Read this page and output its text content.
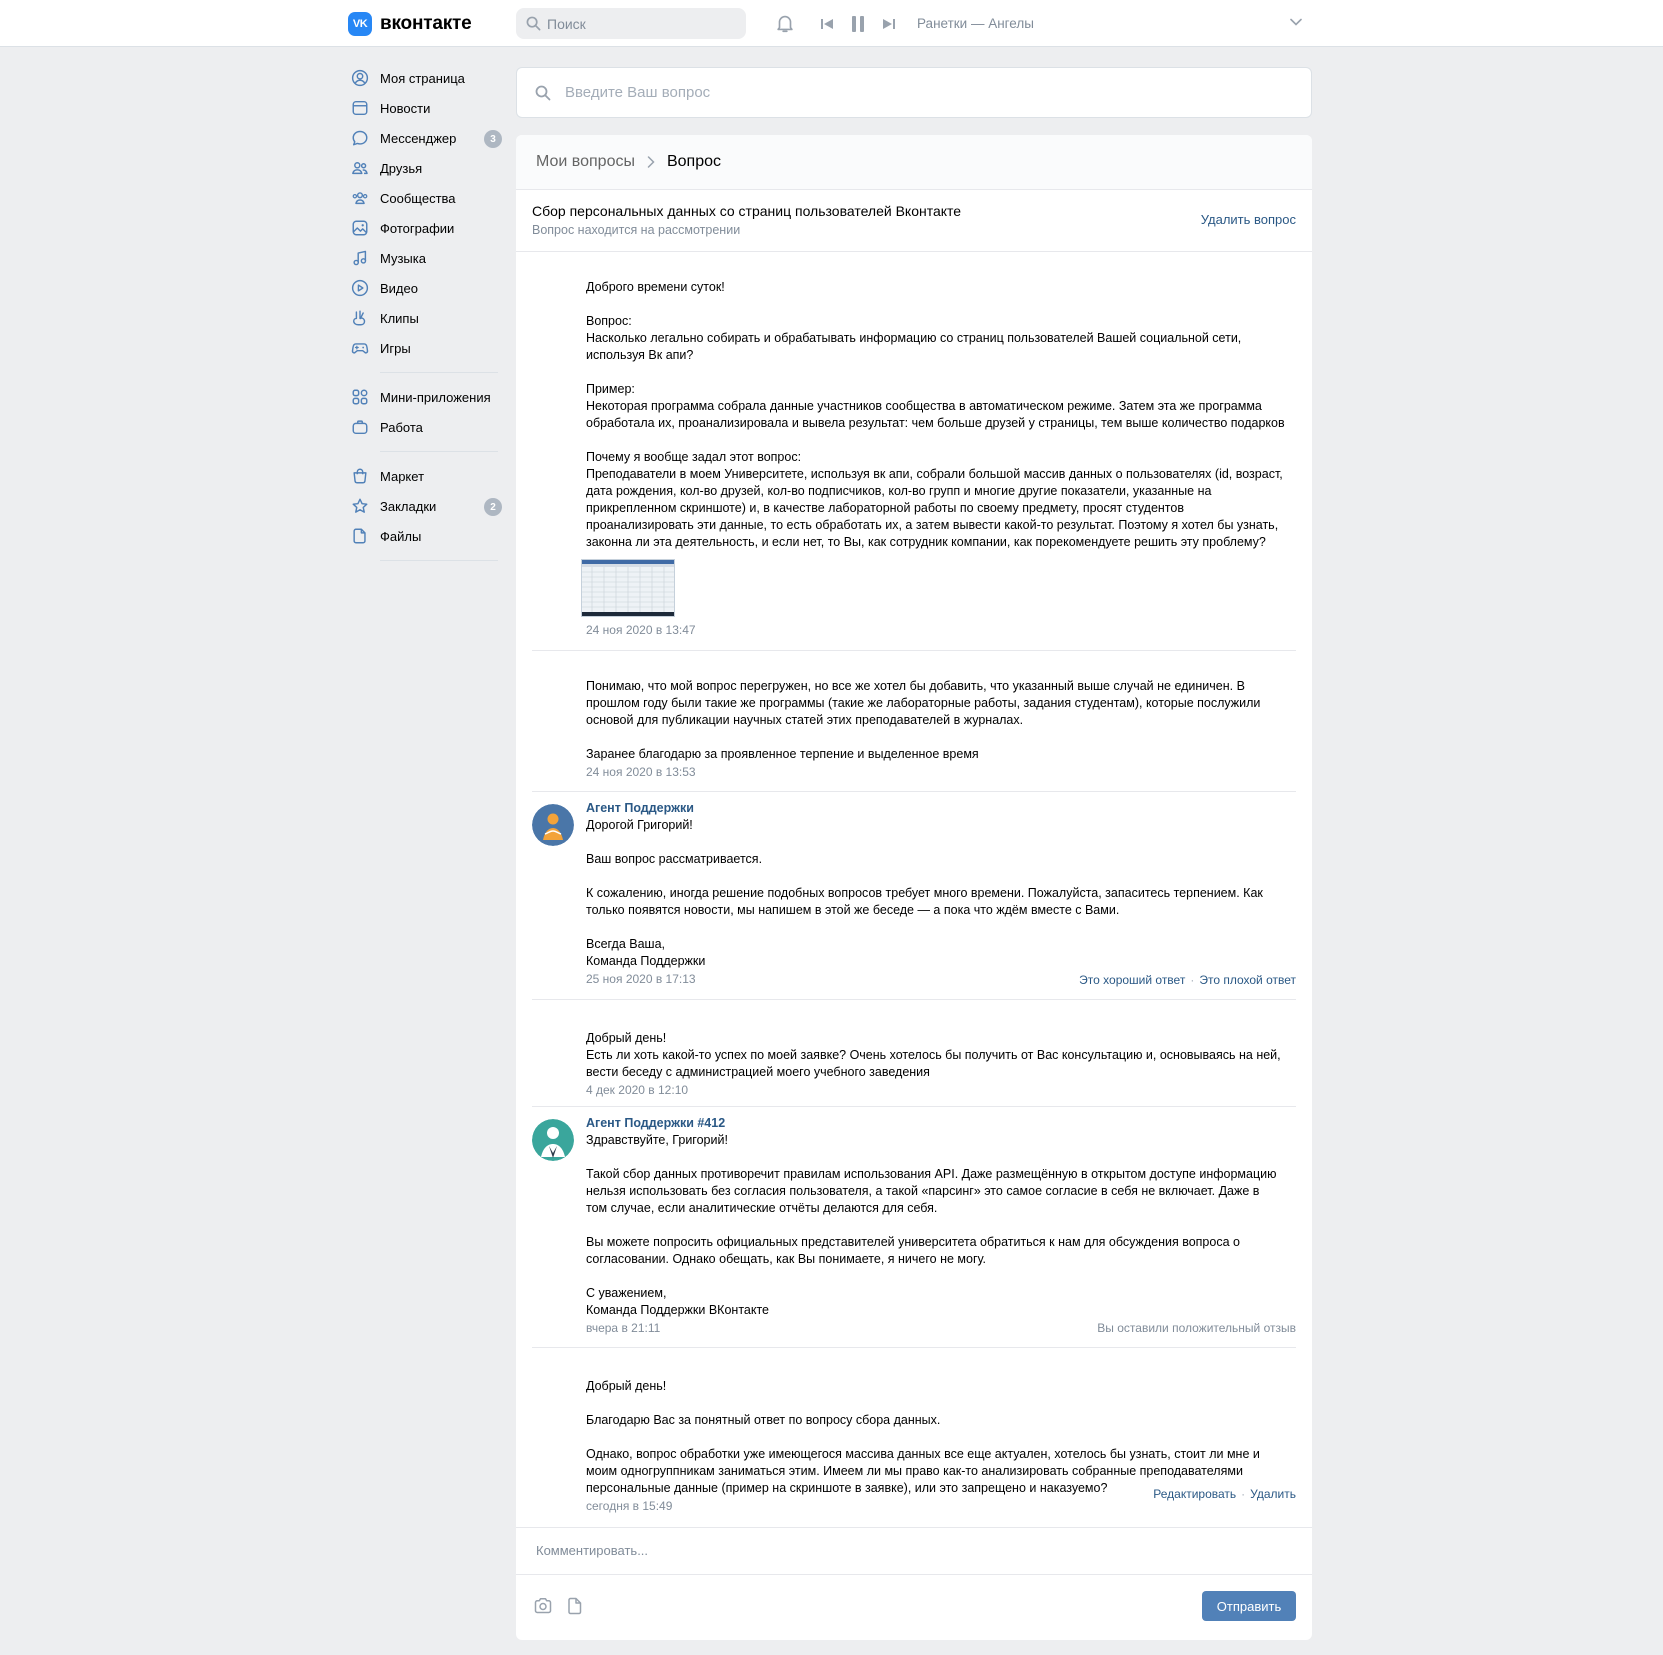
VK вконтакте	Поиск	Ранетки — Ангелы
Моя страница
Новости
Мессенджер	3
Друзья
Сообщества
Фотографии
Музыка
Видео
Клипы
Игры
Мини-приложения
Работа
Маркет
Закладки	2
Файлы
Введите Ваш вопрос
Мои вопросы Вопрос
Сбор персональных данных со страниц пользователей Вконтакте
Вопрос находится на рассмотрении
Удалить вопрос

Доброго времени суток!

Вопрос:
Насколько легально собирать и обрабатывать информацию со страниц пользователей Вашей социальной сети,
используя Вк апи?

Пример:
Некоторая программа собрала данные участников сообщества в автоматическом режиме. Затем эта же программа
обработала их, проанализировала и вывела результат: чем больше друзей у страницы, тем выше количество подарков

Почему я вообще задал этот вопрос:
Преподаватели в моем Университете, используя вк апи, собрали большой массив данных о пользователях (id, возраст,
дата рождения, кол-во друзей, кол-во подписчиков, кол-во групп и многие другие показатели, указанные на
прикрепленном скриншоте) и, в качестве лабораторной работы по своему предмету, просят студентов
проанализировать эти данные, то есть обработать их, а затем вывести какой-то результат. Поэтому я хотел бы узнать,
законна ли эта деятельность, и если нет, то Вы, как сотрудник компании, как порекомендуете решить эту проблему?

24 ноя 2020 в 13:47

Понимаю, что мой вопрос перегружен, но все же хотел бы добавить, что указанный выше случай не единичен. В
прошлом году были такие же программы (такие же лабораторные работы, задания студентам), которые послужили
основой для публикации научных статей этих преподавателей в журналах.

Заранее благодарю за проявленное терпение и выделенное время

24 ноя 2020 в 13:53
Агент Поддержки

Дорогой Григорий!

Ваш вопрос рассматривается.

К сожалению, иногда решение подобных вопросов требует много времени. Пожалуйста, запаситесь терпением. Как
только появятся новости, мы напишем в этой же беседе — а пока что ждём вместе с Вами.

Всегда Ваша,
Команда Поддержки

25 ноя 2020 в 17:13	Это хороший ответ · Это плохой ответ

Добрый день!
Есть ли хоть какой-то успех по моей заявке? Очень хотелось бы получить от Вас консультацию и, основываясь на ней,
вести беседу с администрацией моего учебного заведения

4 дек 2020 в 12:10
Агент Поддержки #412

Здравствуйте, Григорий!

Такой сбор данных противоречит правилам использования API. Даже размещённую в открытом доступе информацию
нельзя использовать без согласия пользователя, а такой «парсинг» это самое согласие в себя не включает. Даже в
том случае, если аналитические отчёты делаются для себя.

Вы можете попросить официальных представителей университета обратиться к нам для обсуждения вопроса о
согласовании. Однако обещать, как Вы понимаете, я ничего не могу.

С уважением,
Команда Поддержки ВКонтакте

вчера в 21:11	Вы оставили положительный отзыв

Добрый день!

Благодарю Вас за понятный ответ по вопросу сбора данных.

Однако, вопрос обработки уже имеющегося массива данных все еще актуален, хотелось бы узнать, стоит ли мне и
моим одногруппникам заниматься этим. Имеем ли мы право как-то анализировать собранные преподавателями
персональные данные (пример на скриншоте в заявке), или это запрещено и наказуемо?

сегодня в 15:49
Редактировать · Удалить
Комментировать...
Отправить
